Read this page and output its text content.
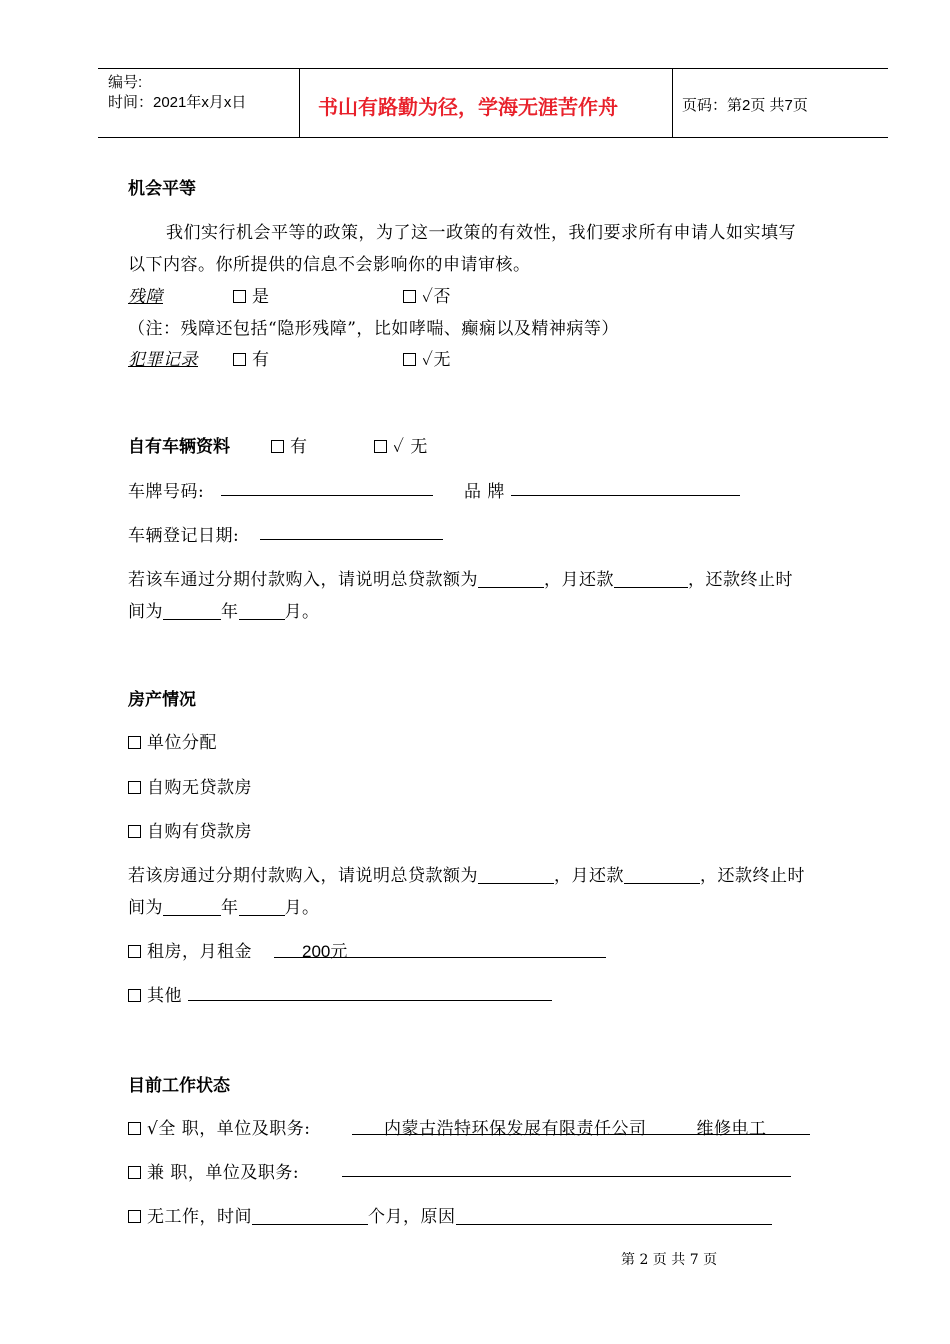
编号:
时间：2021年x月x日	书山有路勤为径，学海无涯苦作舟	页码：第2页 共7页
机会平等
我们实行机会平等的政策，为了这一政策的有效性，我们要求所有申请人如实填写
以下内容。你所提供的信息不会影响你的申请审核。
残障	是	✓否
（注：残障还包括“隐形残障”，比如哮喘、癫痫以及精神病等）
犯罪记录	有	✓无
自有车辆资料	有	✓ 无
车牌号码:	品 牌
车辆登记日期:
若该车通过分期付款购入，请说明总贷款额为	，月还款	，还款终止时
间为	年	月。
房产情况
单位分配
自购无贷款房
自购有贷款房
若该房通过分期付款购入，请说明总贷款额为	，月还款	，还款终止时
间为	年	月。
租房，月租金	200元
其他
目前工作状态
√全 职，单位及职务:	内蒙古浩特环保发展有限责任公司	维修电工
兼 职，单位及职务:
无工作，时间	个月，原因
第 2 页 共 7 页
